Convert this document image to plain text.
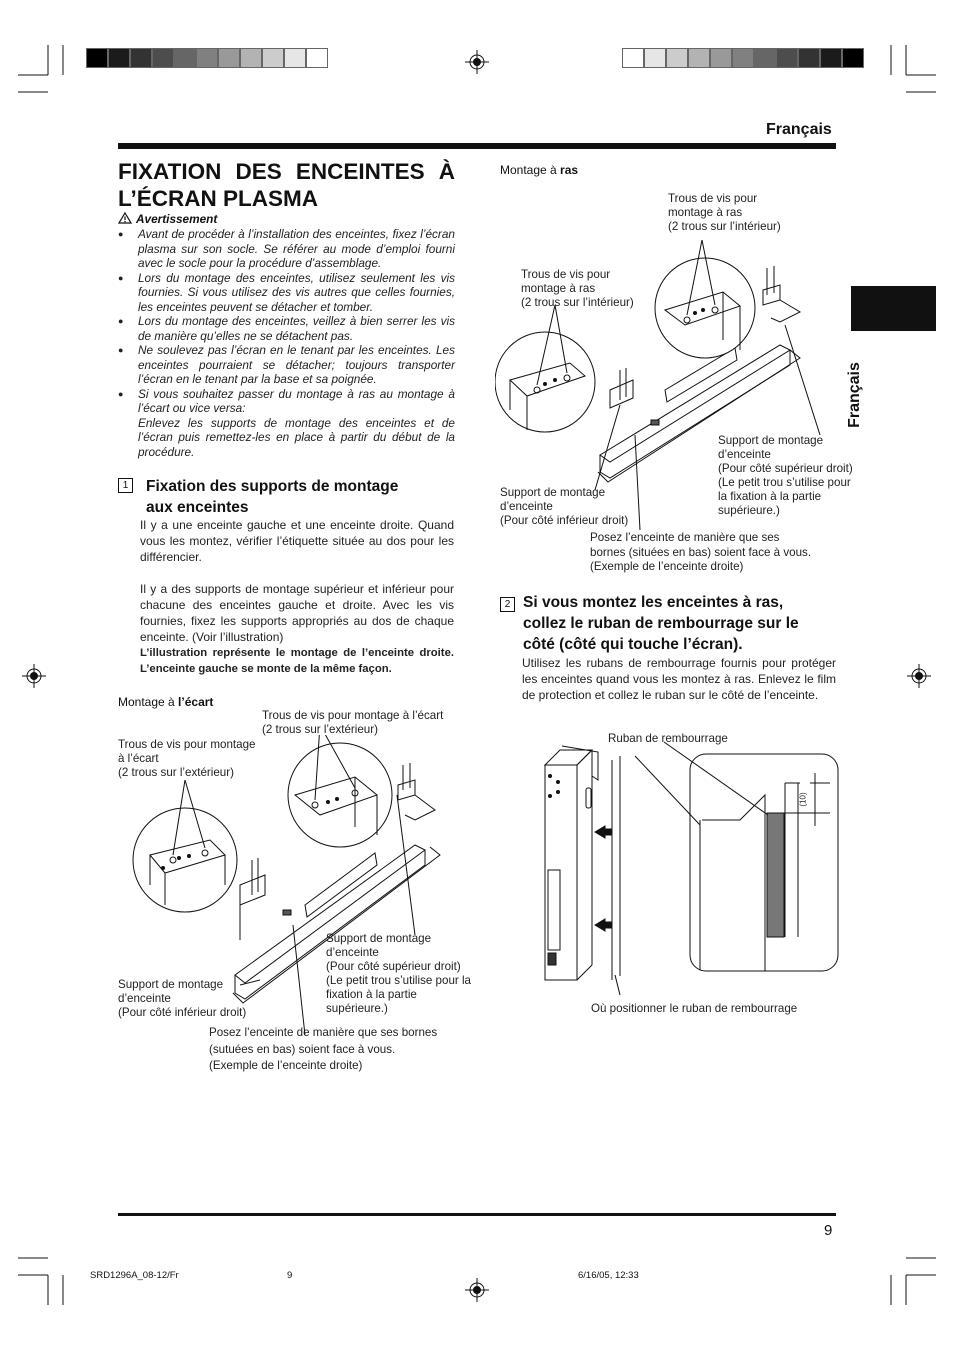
Français
Français
FIXATION DES ENCEINTES À
L’ÉCRAN PLASMA
Avertissement
● Avant de procéder à l’installation des enceintes, fixez l’écran plasma sur son socle. Se référer au mode d’emploi fourni avec le socle pour la procédure d’assemblage.
● Lors du montage des enceintes, utilisez seulement les vis fournies. Si vous utilisez des vis autres que celles fournies, les enceintes peuvent se détacher et tomber.
● Lors du montage des enceintes, veillez à bien serrer les vis de manière qu’elles ne se détachent pas.
● Ne soulevez pas l’écran en le tenant par les enceintes. Les enceintes pourraient se détacher; toujours transporter l’écran en le tenant par la base et sa poignée.
● Si vous souhaitez passer du montage à ras au montage à l’écart ou vice versa:
Enlevez les supports de montage des enceintes et de l’écran puis remettez-les en place à partir du début de la procédure.
1	Fixation des supports de montage
aux enceintes
Il y a une enceinte gauche et une enceinte droite. Quand vous les montez, vérifier l’étiquette située au dos pour les différencier.
Il y a des supports de montage supérieur et inférieur pour chacune des enceintes gauche et droite. Avec les vis fournies, fixez les supports appropriés au dos de chaque enceinte. (Voir l’illustration)
L’illustration représente le montage de l’enceinte droite. L’enceinte gauche se monte de la même façon.
Montage à l’écart
Trous de vis pour montage à l’écart
(2 trous sur l’extérieur)
Trous de vis pour montage
à l’écart
(2 trous sur l’extérieur)
Support de montage
d’enceinte
(Pour côté supérieur droit)
(Le petit trou s’utilise pour la
fixation à la partie
supérieure.)
Support de montage
d’enceinte
(Pour côté inférieur droit)
Posez l’enceinte de manière que ses bornes
(sutuées en bas) soient face à vous.
(Exemple de l’enceinte droite)
Montage à ras
Trous de vis pour
montage à ras
(2 trous sur l’intérieur)
Trous de vis pour
montage à ras
(2 trous sur l’intérieur)
Support de montage
d’enceinte
(Pour côté supérieur droit)
(Le petit trou s’utilise pour
la fixation à la partie
supérieure.)
Support de montage
d’enceinte
(Pour côté inférieur droit)
Posez l’enceinte de manière que ses
bornes (situées en bas) soient face à vous.
(Exemple de l’enceinte droite)
2 Si vous montez les enceintes à ras,
collez le ruban de rembourrage sur le
côté (côté qui touche l’écran).
Utilisez les rubans de rembourrage fournis pour protéger les enceintes quand vous les montez à ras. Enlevez le film de protection et collez le ruban sur le côté de l’enceinte.
Ruban de rembourrage
Où positionner le ruban de rembourrage
(10)
9
SRD1296A_08-12/Fr	9	6/16/05, 12:33
